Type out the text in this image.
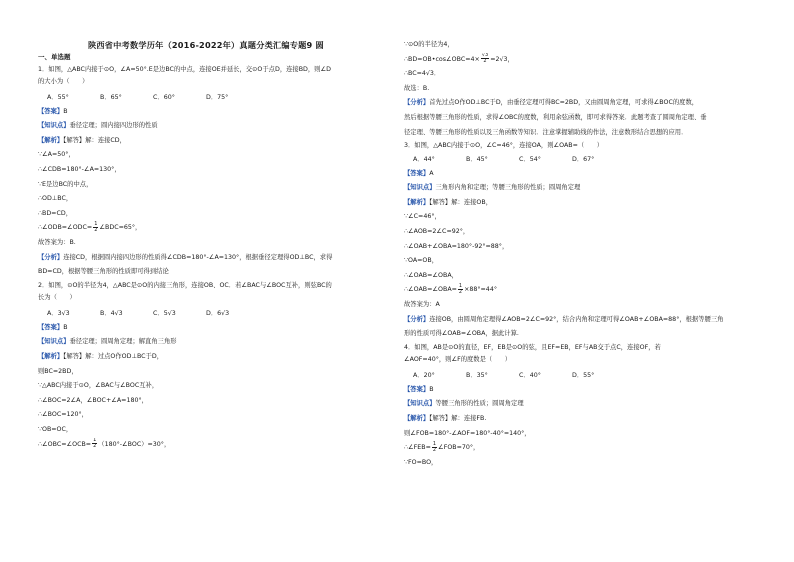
陕西省中考数学历年（2016-2022年）真题分类汇编专题9 圆
一、单选题
1．如图，△ABC内接于⊙O，∠A=50°.E是边BC的中点，连接OE并延长，交⊙O于点D，连接BD，则∠D
的大小为（　　）
A．55°	B．65°	C．60°	D．75°
【答案】B
【知识点】垂径定理；圆内接四边形的性质
【解析】【解答】解：连接CD，
∵∠A=50°，
∴∠CDB=180°-∠A=130°，
∵E是边BC的中点，
∴OD⊥BC，
∴BD=CD，
∴∠ODB=∠ODC= $\frac{1}{2}$ ∠BDC=65°，
故答案为：B.
【分析】连接CD，根据圆内接四边形的性质得∠CDB=180°-∠A=130°，根据垂径定理得OD⊥BC，求得
BD=CD，根据等腰三角形的性质即可得到结论
2．如图，⊙O的半径为4，△ABC是⊙O的内接三角形，连接OB、OC．若∠BAC与∠BOC互补，则弦BC的
长为（　　）
A．3√3	B．4√3	C．5√3	D．6√3
【答案】B
【知识点】垂径定理；圆周角定理；解直角三角形
【解析】【解答】解：过点O作OD⊥BC于D，
则BC=2BD，
∵△ABC内接于⊙O，∠BAC与∠BOC互补，
∴∠BOC=2∠A，∠BOC+∠A=180°，
∴∠BOC=120°，
∵OB=OC，
∴∠OBC=∠OCB= $\frac{1}{2}$ （180°-∠BOC）=30°，
∵⊙O的半径为4，
∴BD=OB•cos∠OBC=4× $\frac{√3}{2} =2√3$，
∴BC=4√3．
故选：B.
【分析】首先过点O作OD⊥BC于D，由垂径定理可得BC=2BD，又由圆周角定理，可求得∠BOC的度数，
然后根据等腰三角形的性质，求得∠OBC的度数，利用余弦函数，即可求得答案．此题考查了圆周角定理、垂
径定理、等腰三角形的性质以及三角函数等知识．注意掌握辅助线的作法，注意数形结合思想的应用．
3．如图，△ABC内接于⊙O，∠C=46°，连接OA，则∠OAB=（　　）
A．44°	B．45°	C．54°	D．67°
【答案】A
【知识点】三角形内角和定理；等腰三角形的性质；圆周角定理
【解析】【解答】解：连接OB，
∵∠C=46°，
∴∠AOB=2∠C=92°，
∴∠OAB+∠OBA=180°-92°=88°，
∵OA=OB，
∴∠OAB=∠OBA，
∴∠OAB=∠OBA= $\frac{1}{2} \times 88^\circ=44^\circ$
故答案为：A
【分析】连接OB，由圆周角定理得∠AOB=2∠C=92°，结合内角和定理可得∠OAB+∠OBA=88°，根据等腰三角
形的性质可得∠OAB=∠OBA，据此计算.
4．如图，AB是⊙O的直径，EF，EB是⊙O的弦，且EF=EB，EF与AB交于点C，连接OF，若
∠AOF=40°，则∠F的度数是（　　）
A．20°	B．35°	C．40°	D．55°
【答案】B
【知识点】等腰三角形的性质；圆周角定理
【解析】【解答】解：连接FB.
则∠FOB=180°-∠AOF=180°-40°=140°，
∴∠FEB= $\frac{1}{2}$ ∠FOB=70°，
∵FO=BO，
